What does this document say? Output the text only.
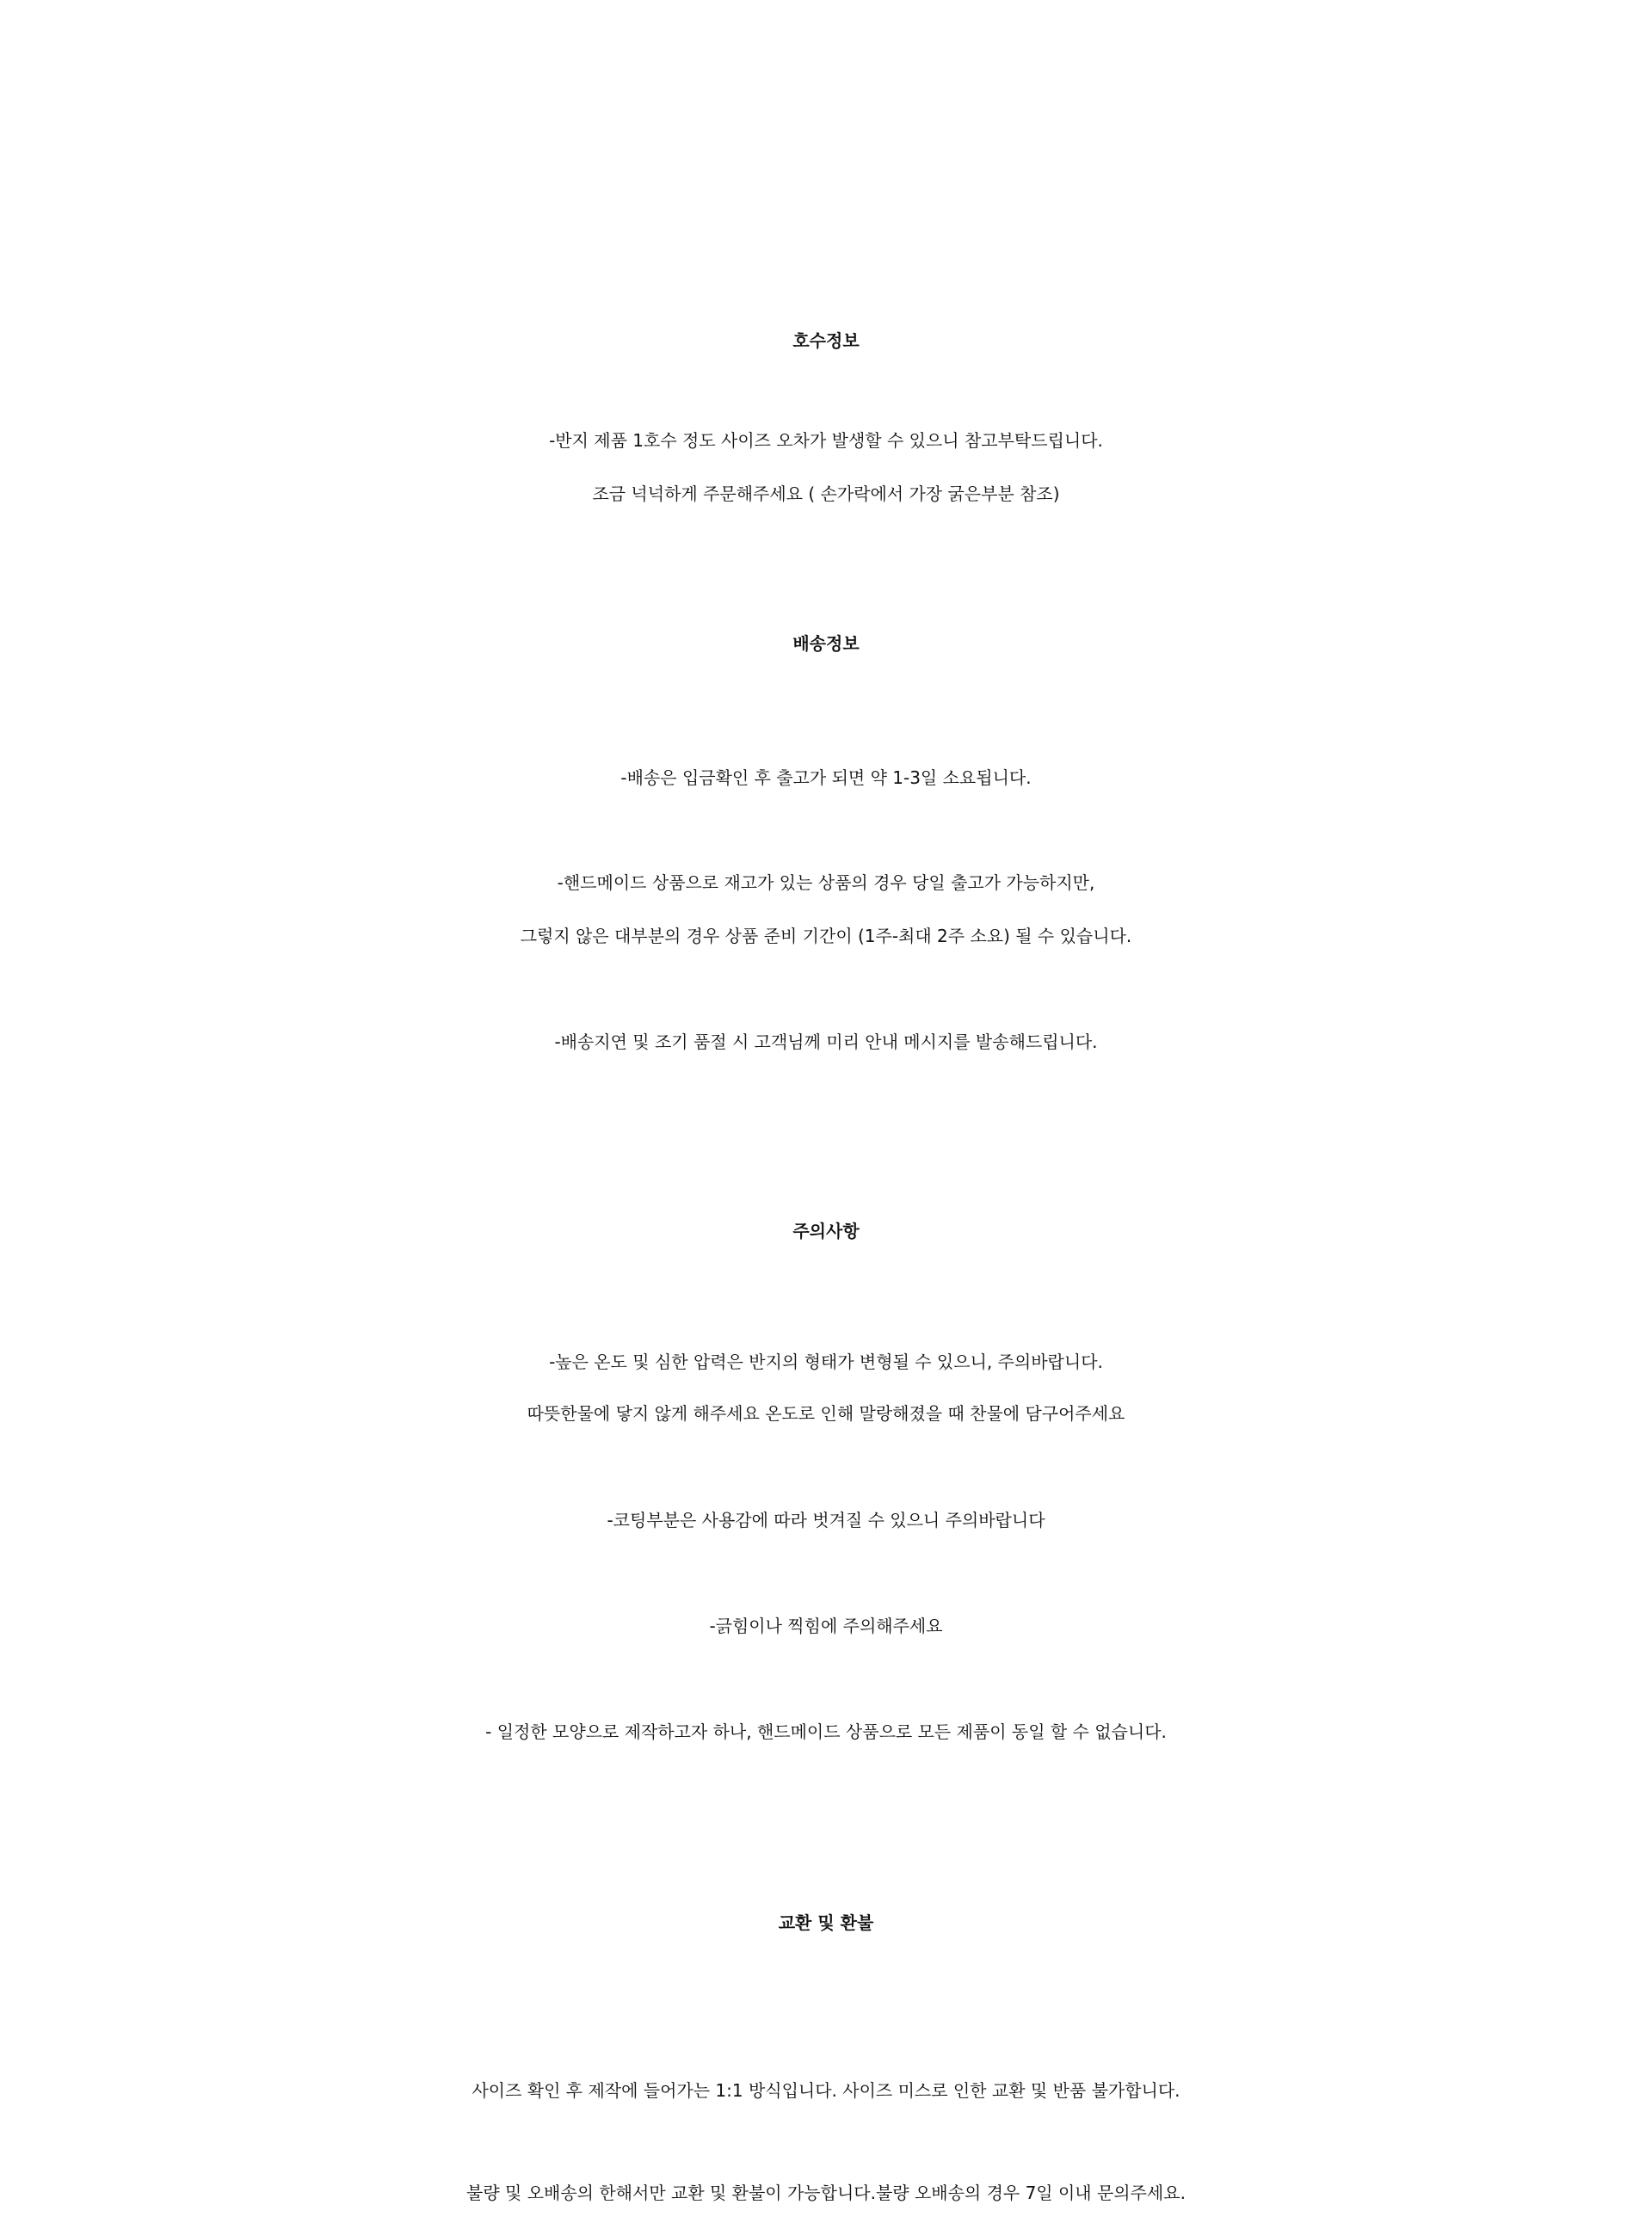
호수정보
-반지 제품 1호수 정도 사이즈 오차가 발생할 수 있으니 참고부탁드립니다.
조금 넉넉하게 주문해주세요 ( 손가락에서 가장 굵은부분 참조)
배송정보
-배송은 입금확인 후 출고가 되면 약 1-3일 소요됩니다.
-핸드메이드 상품으로 재고가 있는 상품의 경우 당일 출고가 가능하지만,
그렇지 않은 대부분의 경우 상품 준비 기간이 (1주-최대 2주 소요) 될 수 있습니다.
-배송지연 및 조기 품절 시 고객님께 미리 안내 메시지를 발송해드립니다.
주의사항
-높은 온도 및 심한 압력은 반지의 형태가 변형될 수 있으니, 주의바랍니다.
따뜻한물에 닿지 않게 해주세요 온도로 인해 말랑해졌을 때 찬물에 담구어주세요
-코팅부분은 사용감에 따라 벗겨질 수 있으니 주의바랍니다
-긁힘이나 찍힘에 주의해주세요
- 일정한 모양으로 제작하고자 하나, 핸드메이드 상품으로 모든 제품이 동일 할 수 없습니다.
교환 및 환불
사이즈 확인 후 제작에 들어가는 1:1 방식입니다. 사이즈 미스로 인한 교환 및 반품 불가합니다.
불량 및 오배송의 한해서만 교환 및 환불이 가능합니다.불량 오배송의 경우 7일 이내 문의주세요.
